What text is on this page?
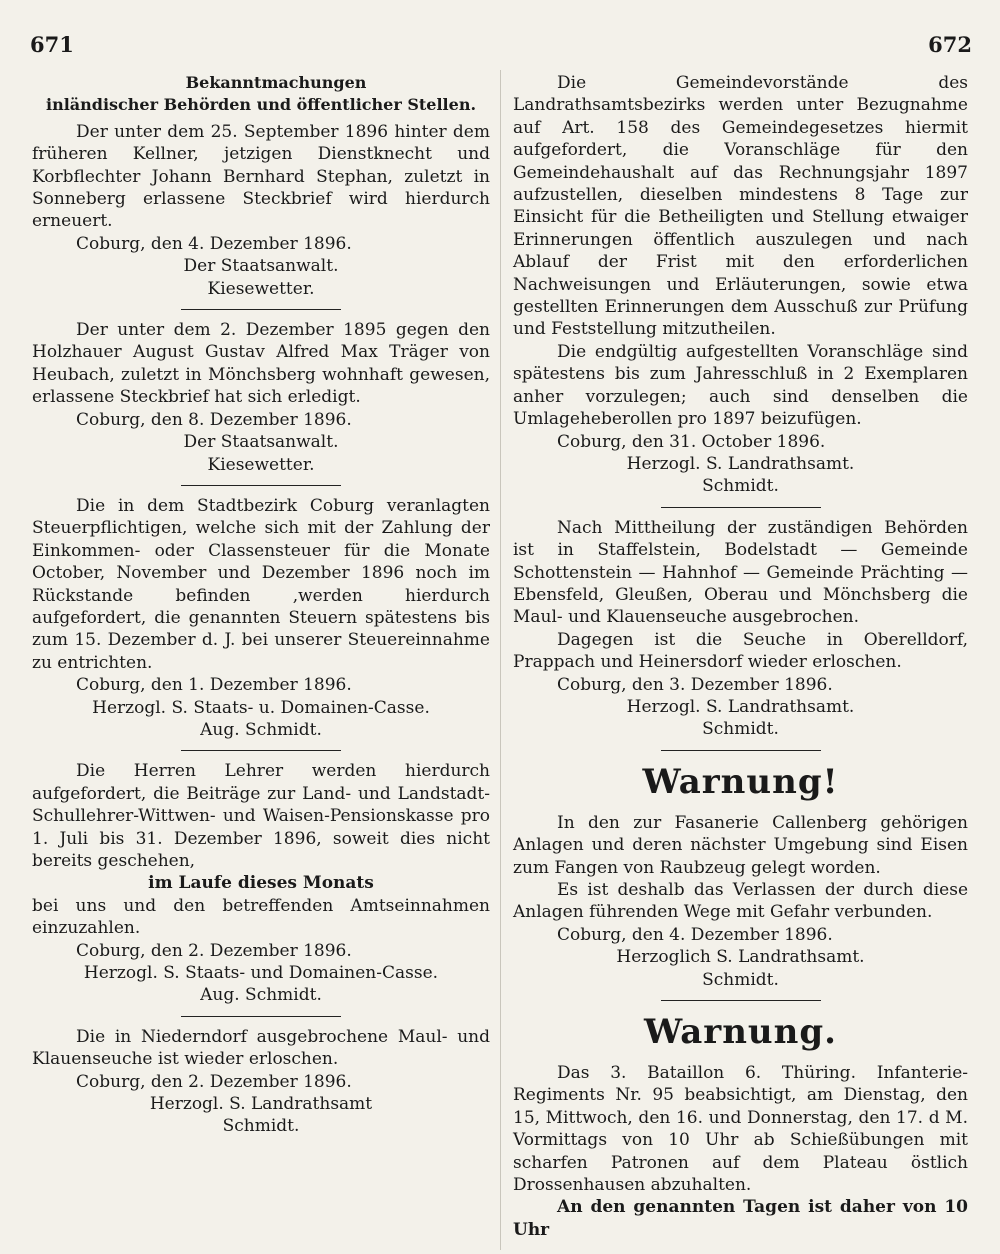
671	672

Bekanntmachungen

inländischer Behörden und öffentlicher Stellen.

Der unter dem 25. September 1896 hinter dem früheren Kellner, jetzigen Dienstknecht und Korbflechter Johann Bernhard Stephan, zuletzt in Sonneberg erlassene Steckbrief wird hierdurch erneuert.

Coburg, den 4. Dezember 1896.

Der Staatsanwalt.

Kiesewetter.

Der unter dem 2. Dezember 1895 gegen den Holzhauer August Gustav Alfred Max Träger von Heubach, zuletzt in Mönchsberg wohnhaft gewesen, erlassene Steckbrief hat sich erledigt.

Coburg, den 8. Dezember 1896.

Der Staatsanwalt.

Kiesewetter.

Die in dem Stadtbezirk Coburg veranlagten Steuerpflichtigen, welche sich mit der Zahlung der Einkommen- oder Classensteuer für die Monate October, November und Dezember 1896 noch im Rückstande befinden ,werden hierdurch aufgefordert, die genannten Steuern spätestens bis zum 15. Dezember d. J. bei unserer Steuereinnahme zu entrichten.

Coburg, den 1. Dezember 1896.

Herzogl. S. Staats- u. Domainen-Casse.

Aug. Schmidt.

Die Herren Lehrer werden hierdurch aufgefordert, die Beiträge zur Land- und Landstadt-Schullehrer-Wittwen- und Waisen-Pensionskasse pro 1. Juli bis 31. Dezember 1896, soweit dies nicht bereits geschehen,

im Laufe dieses Monats

bei uns und den betreffenden Amtseinnahmen einzuzahlen.

Coburg, den 2. Dezember 1896.

Herzogl. S. Staats- und Domainen-Casse.

Aug. Schmidt.

Die in Niederndorf ausgebrochene Maul- und Klauenseuche ist wieder erloschen.

Coburg, den 2. Dezember 1896.

Herzogl. S. Landrathsamt

Schmidt.

Die Gemeindevorstände des Landrathsamtsbezirks werden unter Bezugnahme auf Art. 158 des Gemeindegesetzes hiermit aufgefordert, die Voranschläge für den Gemeindehaushalt auf das Rechnungsjahr 1897 aufzustellen, dieselben mindestens 8 Tage zur Einsicht für die Betheiligten und Stellung etwaiger Erinnerungen öffentlich auszulegen und nach Ablauf der Frist mit den erforderlichen Nachweisungen und Erläuterungen, sowie etwa gestellten Erinnerungen dem Ausschuß zur Prüfung und Feststellung mitzutheilen.

Die endgültig aufgestellten Voranschläge sind spätestens bis zum Jahresschluß in 2 Exemplaren anher vorzulegen; auch sind denselben die Umlageheberollen pro 1897 beizufügen.

Coburg, den 31. October 1896.

Herzogl. S. Landrathsamt.

Schmidt.

Nach Mittheilung der zuständigen Behörden ist in Staffelstein, Bodelstadt — Gemeinde Schottenstein — Hahnhof — Gemeinde Prächting — Ebensfeld, Gleußen, Oberau und Mönchsberg die Maul- und Klauenseuche ausgebrochen.

Dagegen ist die Seuche in Oberelldorf, Prappach und Heinersdorf wieder erloschen.

Coburg, den 3. Dezember 1896.

Herzogl. S. Landrathsamt.

Schmidt.

Warnung!

In den zur Fasanerie Callenberg gehörigen Anlagen und deren nächster Umgebung sind Eisen zum Fangen von Raubzeug gelegt worden.

Es ist deshalb das Verlassen der durch diese Anlagen führenden Wege mit Gefahr verbunden.

Coburg, den 4. Dezember 1896.

Herzoglich S. Landrathsamt.

Schmidt.

Warnung.

Das 3. Bataillon 6. Thüring. Infanterie-Regiments Nr. 95 beabsichtigt, am Dienstag, den 15, Mittwoch, den 16. und Donnerstag, den 17. d M. Vormittags von 10 Uhr ab Schießübungen mit scharfen Patronen auf dem Plateau östlich Drossenhausen abzuhalten.

An den genannten Tagen ist daher von 10 Uhr
